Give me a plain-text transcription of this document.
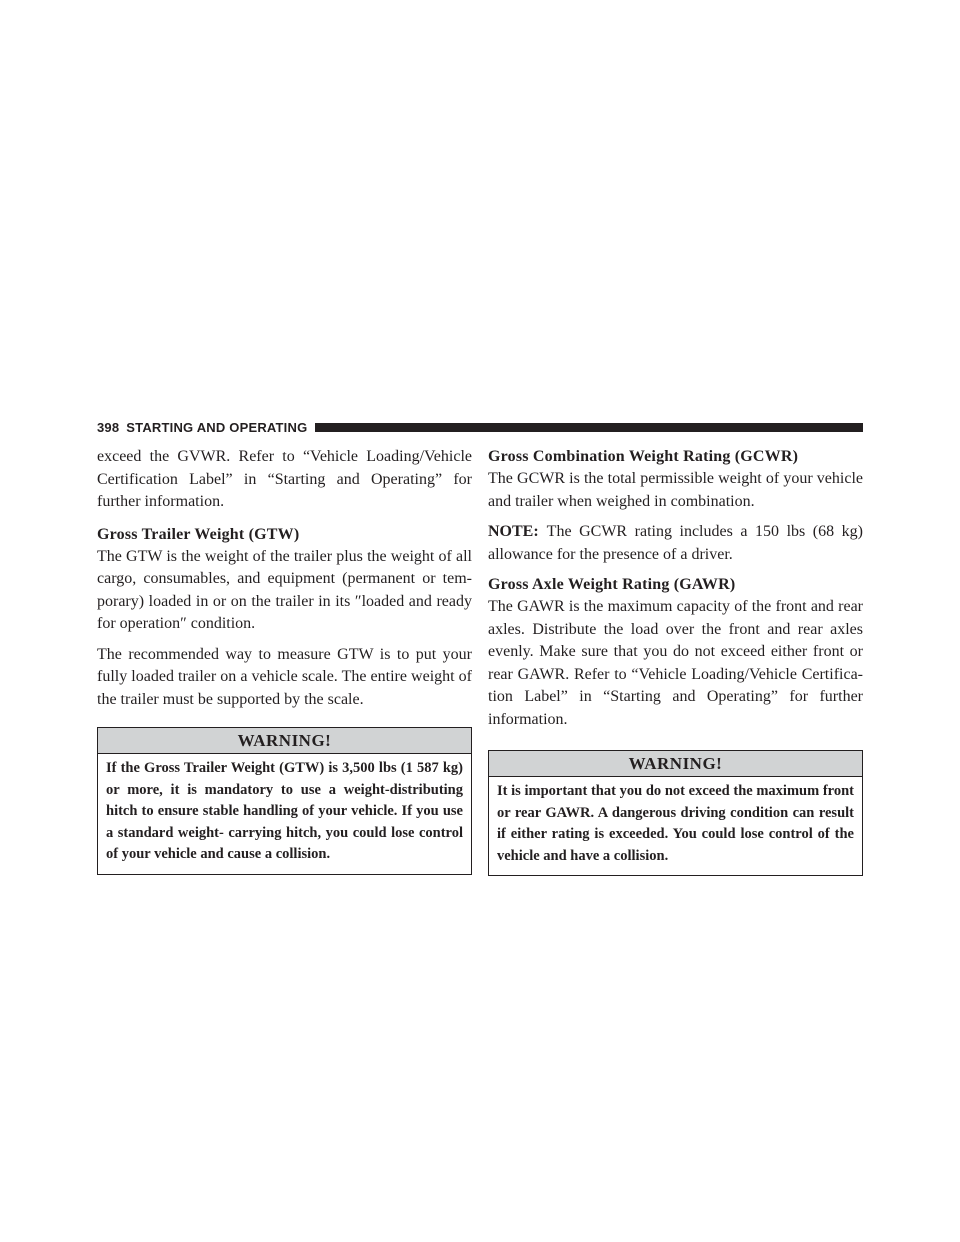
398 STARTING AND OPERATING

exceed the GVWR. Refer to “Vehicle Loading/Vehicle Certification Label” in “Starting and Operating” for further information.

Gross Trailer Weight (GTW)

The GTW is the weight of the trailer plus the weight of all cargo, consumables, and equipment (permanent or tem-porary) loaded in or on the trailer in its ″loaded and ready for operation″ condition.

The recommended way to measure GTW is to put your fully loaded trailer on a vehicle scale. The entire weight of the trailer must be supported by the scale.

WARNING!
If the Gross Trailer Weight (GTW) is 3,500 lbs (1 587 kg) or more, it is mandatory to use a weight-distributing hitch to ensure stable handling of your vehicle. If you use a standard weight- carrying hitch, you could lose control of your vehicle and cause a collision.
Gross Combination Weight Rating (GCWR)

The GCWR is the total permissible weight of your vehicle and trailer when weighed in combination.

NOTE: The GCWR rating includes a 150 lbs (68 kg) allowance for the presence of a driver.

Gross Axle Weight Rating (GAWR)

The GAWR is the maximum capacity of the front and rear axles. Distribute the load over the front and rear axles evenly. Make sure that you do not exceed either front or rear GAWR. Refer to “Vehicle Loading/Vehicle Certifica-tion Label” in “Starting and Operating” for further information.

WARNING!
It is important that you do not exceed the maximum front or rear GAWR. A dangerous driving condition can result if either rating is exceeded. You could lose control of the vehicle and have a collision.
